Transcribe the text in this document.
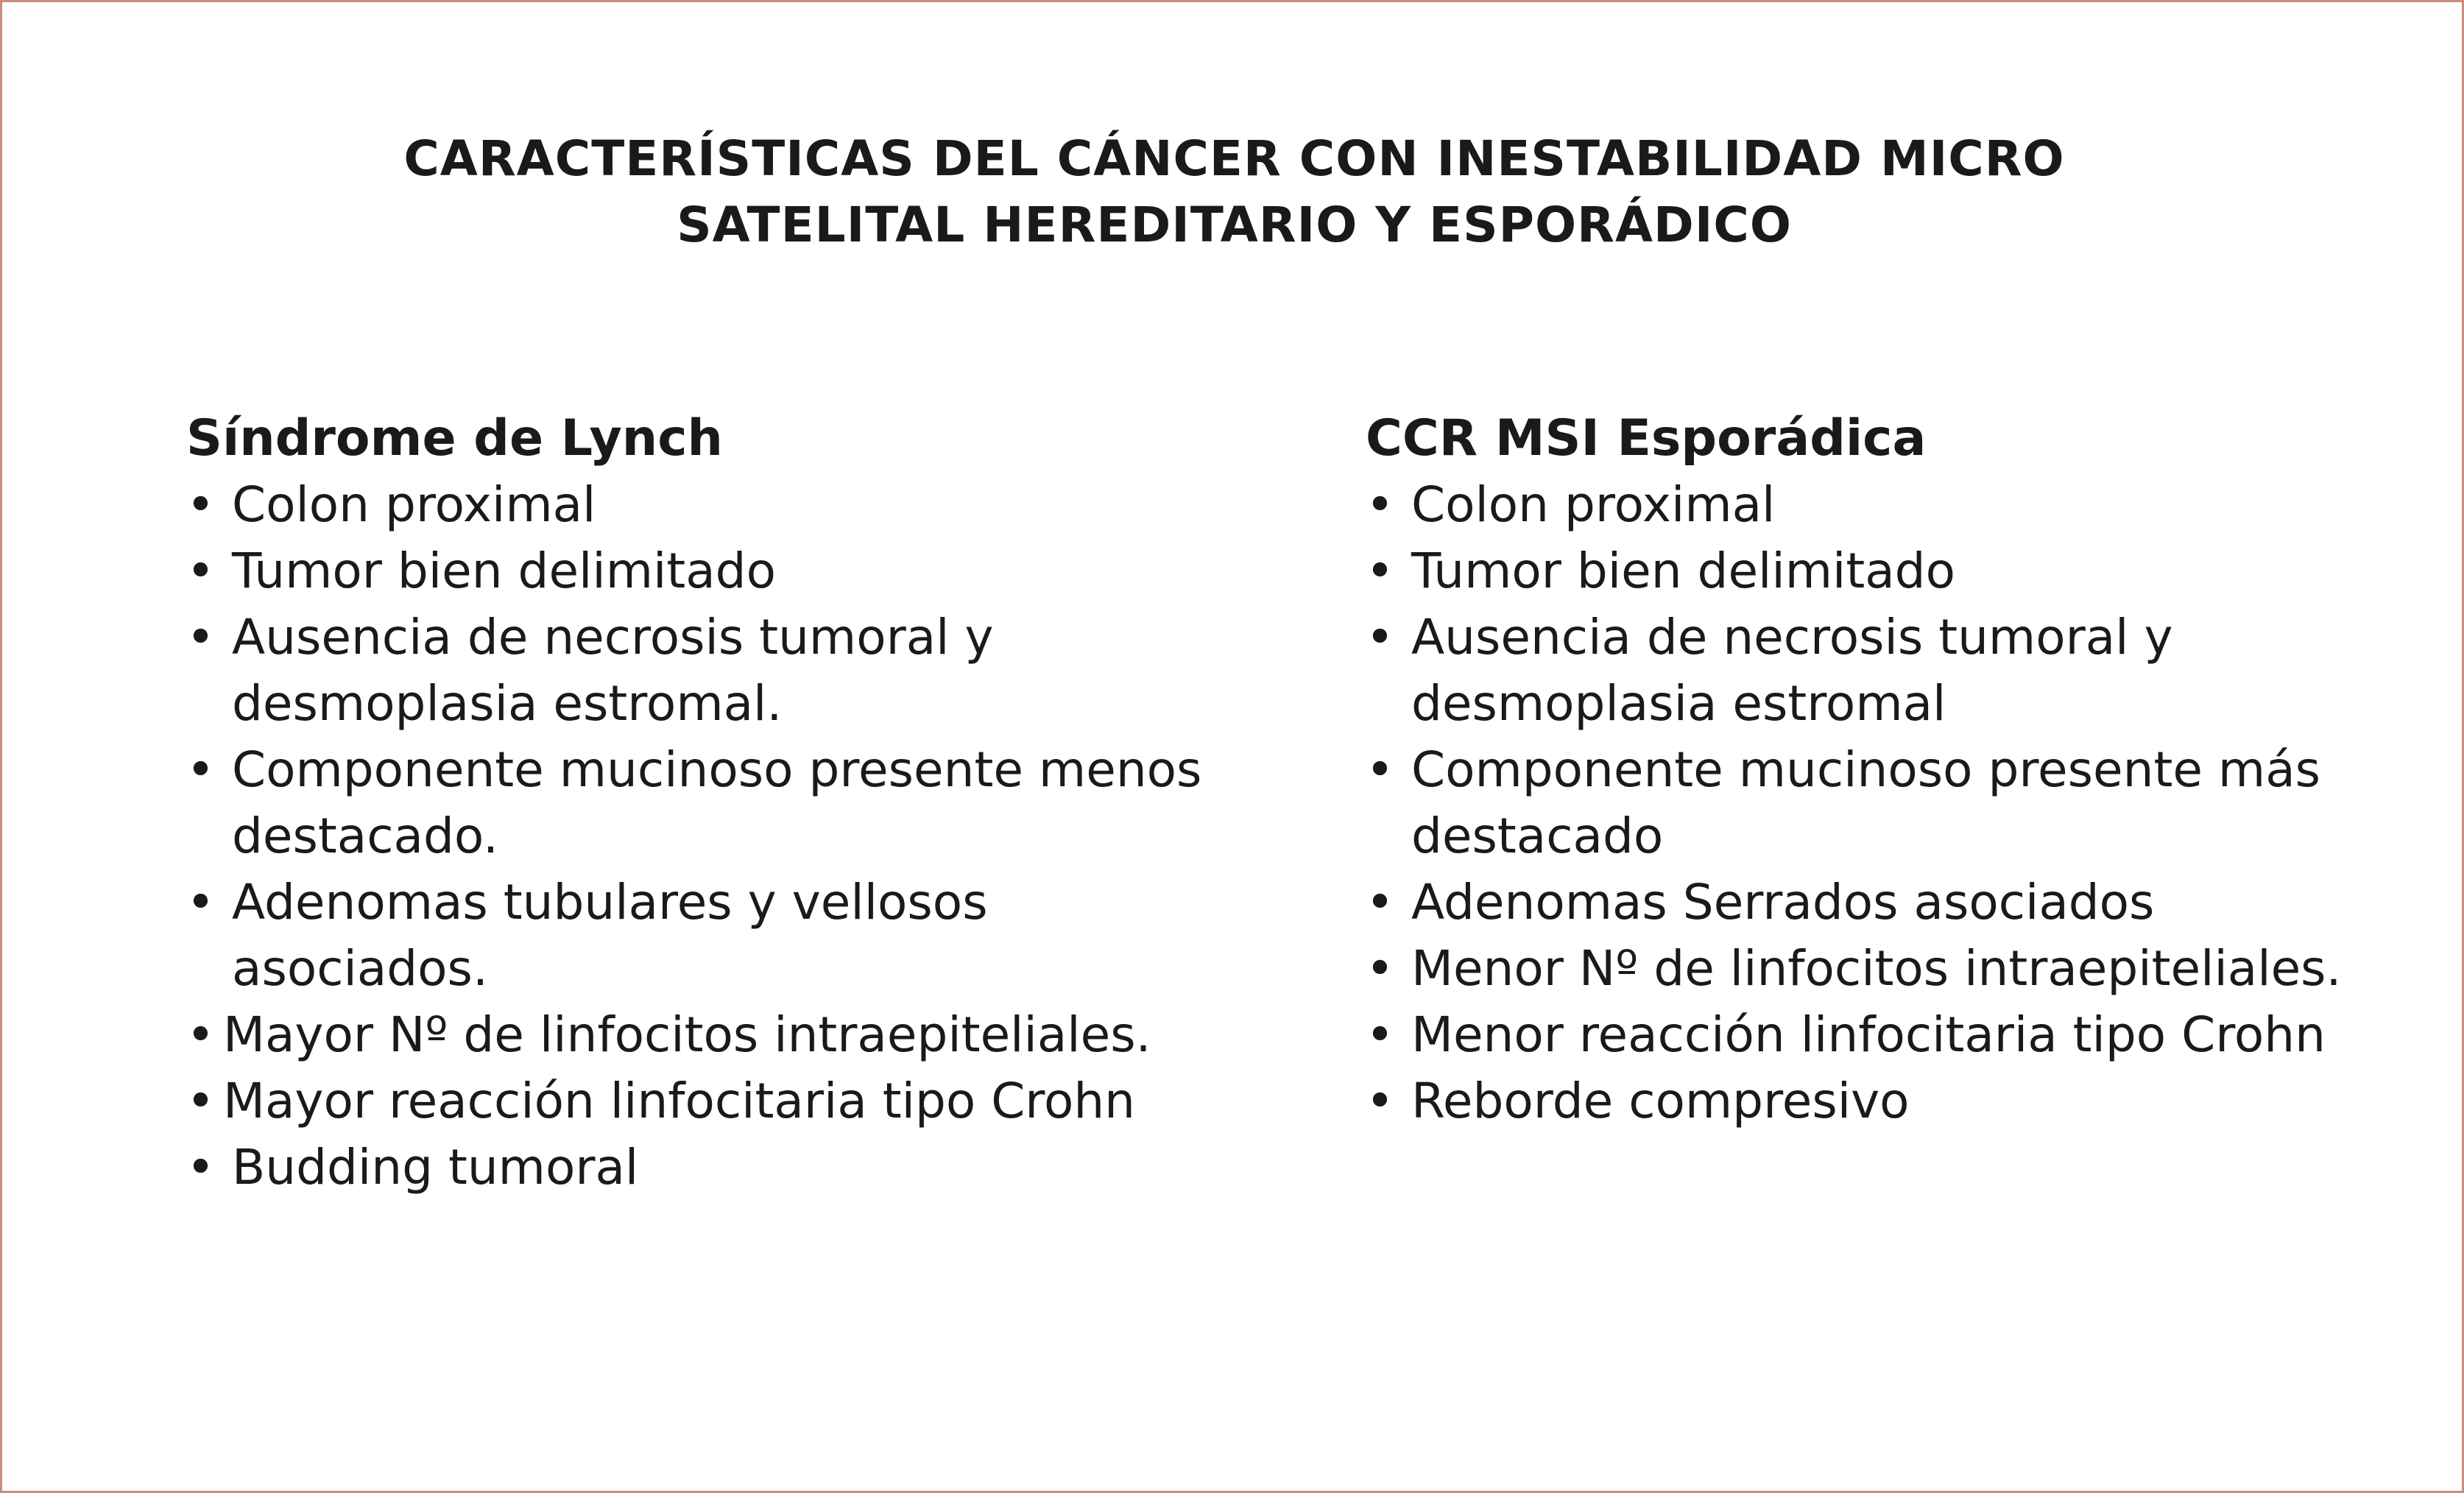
CARACTERÍSTICAS DEL CÁNCER CON INESTABILIDAD MICRO
SATELITAL HEREDITARIO Y ESPORÁDICO
Síndrome de Lynch
• Colon proximal
• Tumor bien delimitado
• Ausencia de necrosis tumoral y desmoplasia estromal.
• Componente mucinoso presente menos destacado.
• Adenomas tubulares y vellosos asociados.
• Mayor Nº de linfocitos intraepiteliales.
• Mayor reacción linfocitaria tipo Crohn
• Budding tumoral
CCR MSI Esporádica
• Colon proximal
• Tumor bien delimitado
• Ausencia de necrosis tumoral y desmoplasia estromal
• Componente mucinoso presente más destacado
• Adenomas Serrados asociados
• Menor Nº de linfocitos intraepiteliales.
• Menor reacción linfocitaria tipo Crohn
• Reborde compresivo
